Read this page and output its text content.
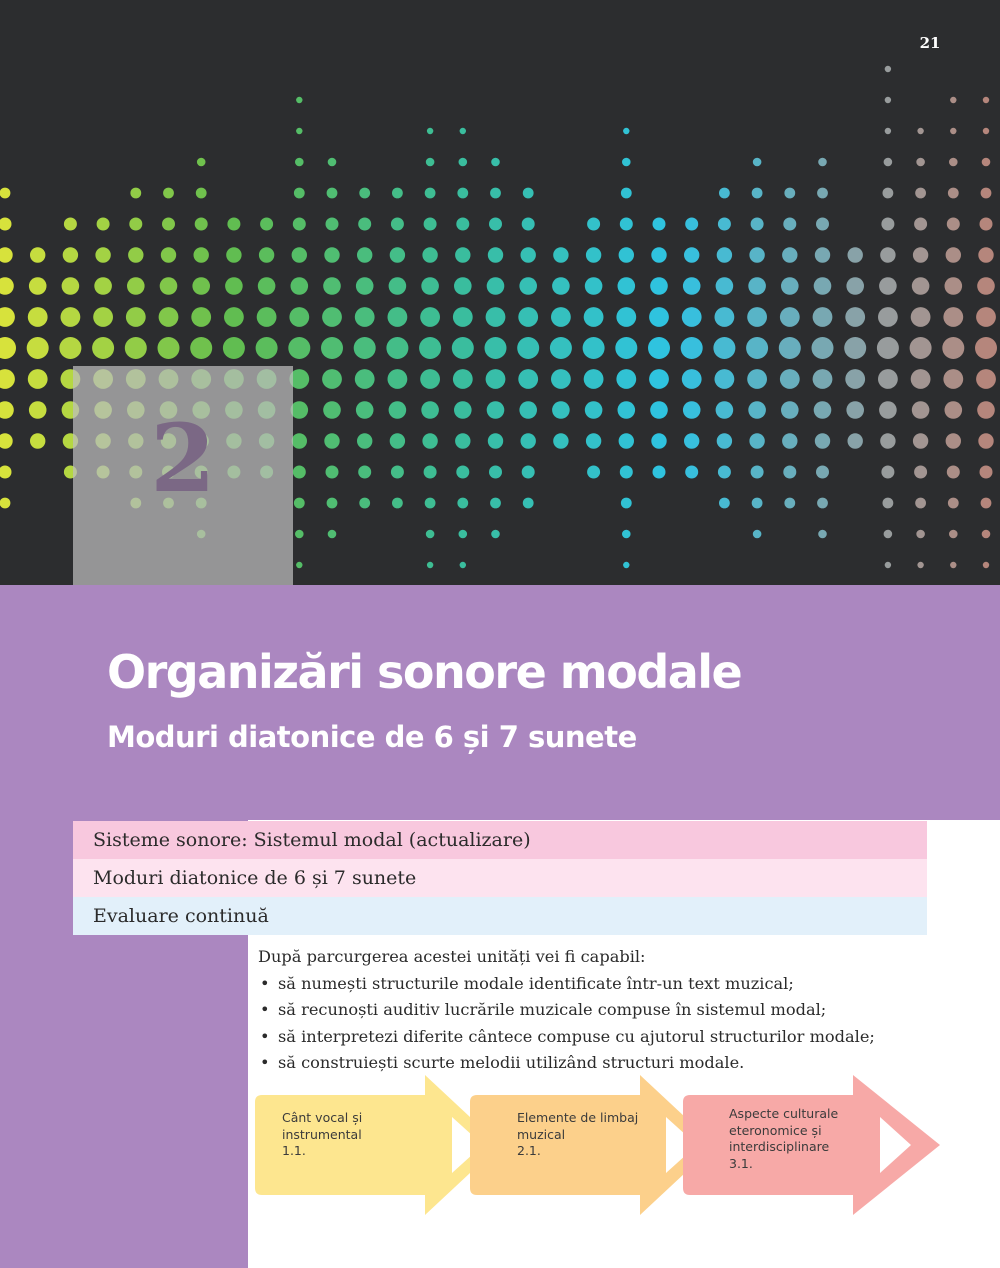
21
2
Organizări sonore modale
Moduri diatonice de 6 și 7 sunete
Sisteme sonore: Sistemul modal (actualizare)
Moduri diatonice de 6 și 7 sunete
Evaluare continuă

După parcurgerea acestei unități vei fi capabil:

• să numești structurile modale identificate într-un text muzical;
• să recunoști auditiv lucrările muzicale compuse în sistemul modal;
• să interpretezi diferite cântece compuse cu ajutorul structurilor modale;
• să construiești scurte melodii utilizând structuri modale.
Cânt vocal și
instrumental
1.1.
Elemente de limbaj
muzical
2.1.
Aspecte culturale
eteronomice și
interdisciplinare
3.1.
